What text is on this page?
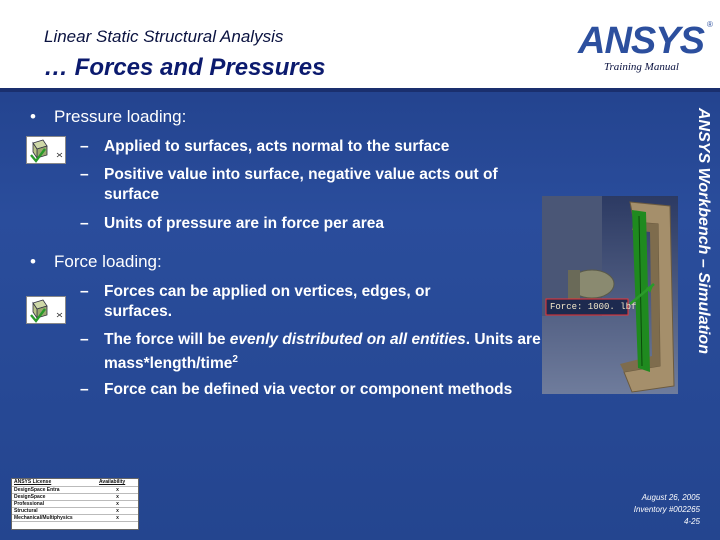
Linear Static Structural Analysis
… Forces and Pressures
ANSYS ®
Training Manual
• Pressure loading:
– Applied to surfaces, acts normal to the surface
– Positive value into surface, negative value acts out of surface
– Units of pressure are in force per area
• Force loading:
– Forces can be applied on vertices, edges, or surfaces.
– The force will be evenly distributed on all entities. Units are mass*length/time$^2$
– Force can be defined via vector or component methods
Force: 1000. lbf	ANSYS Workbench – Simulation
ANSYS License	Availability
DesignSpace Entra	x
DesignSpace	x
Professional	x
Structural	x
Mechanical/Multiphysics	x
August 26, 2005
Inventory #002265
4-25
